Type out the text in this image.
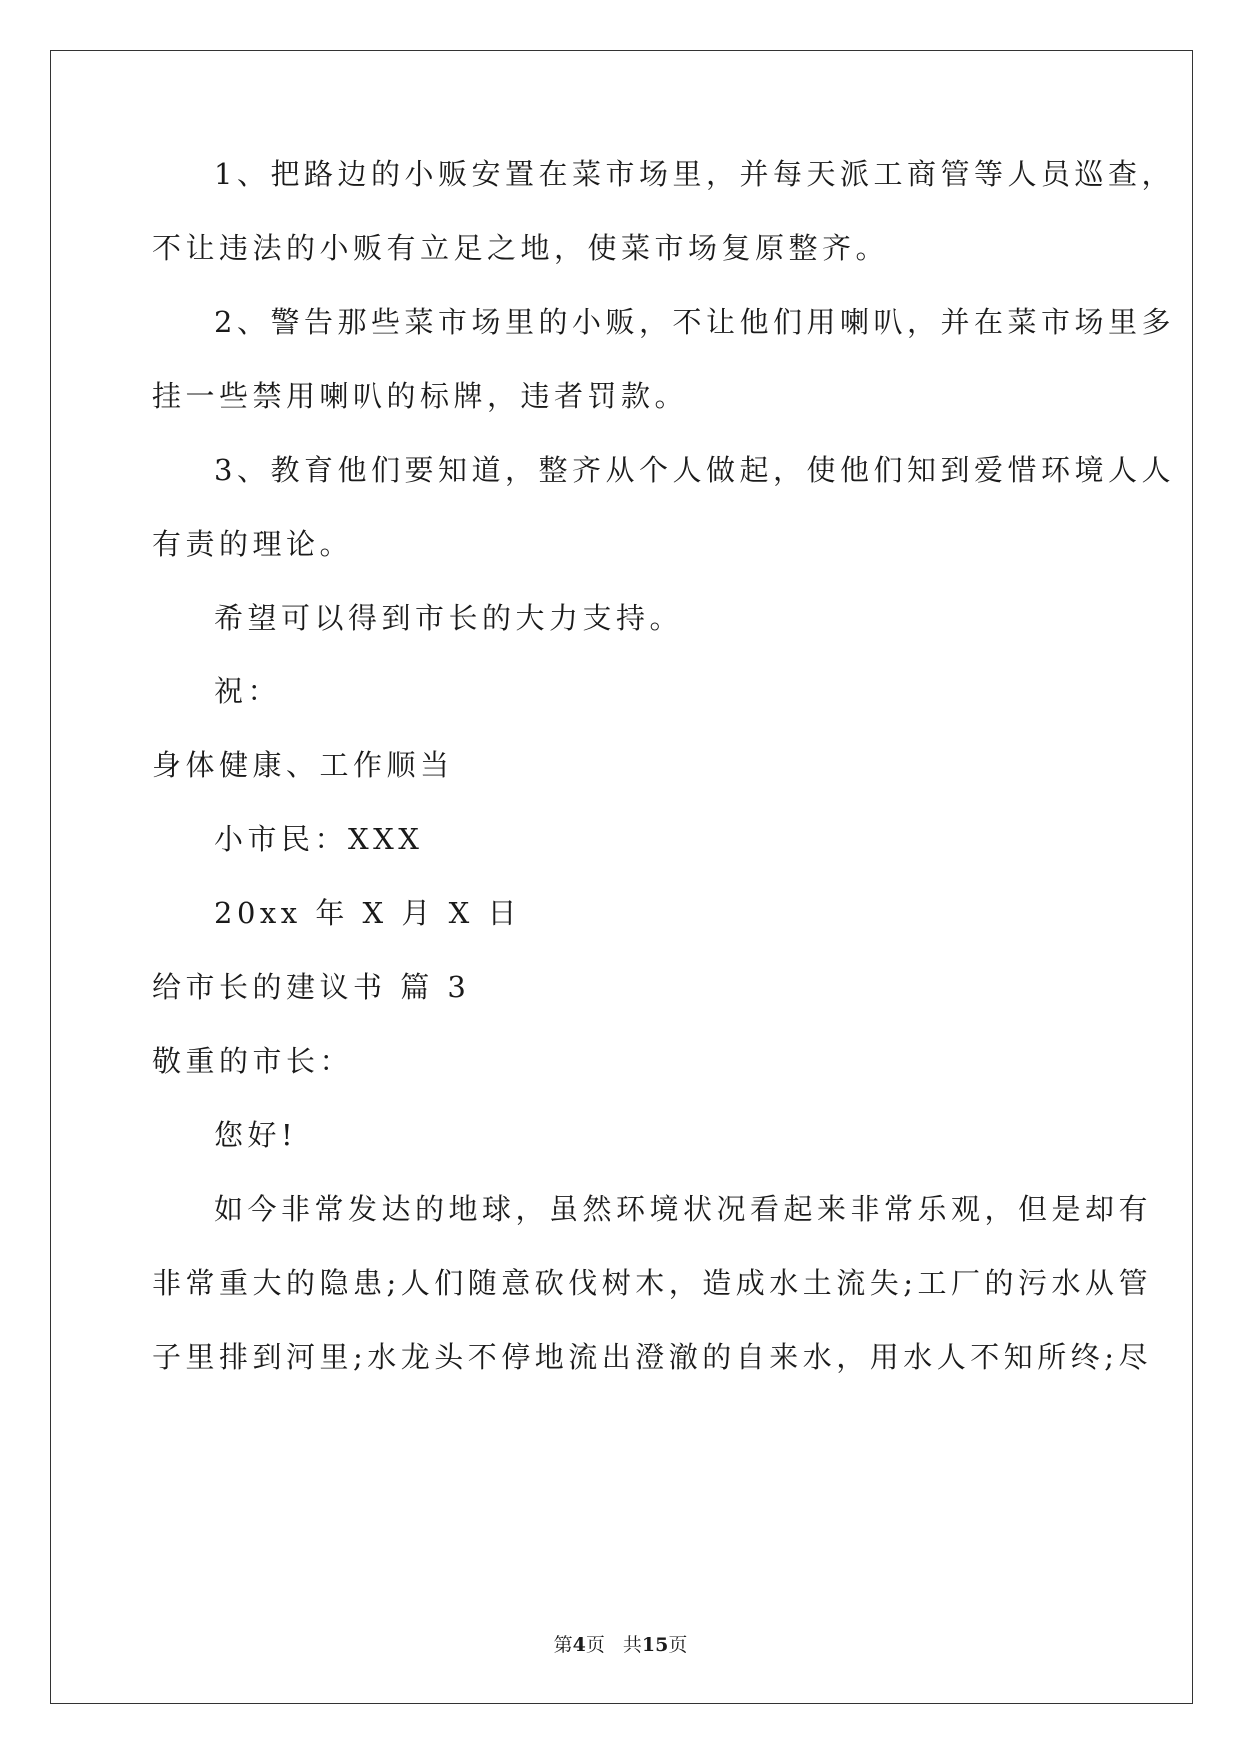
1、把路边的小贩安置在菜市场里，并每天派工商管等人员巡查，
不让违法的小贩有立足之地，使菜市场复原整齐。
2、警告那些菜市场里的小贩，不让他们用喇叭，并在菜市场里多
挂一些禁用喇叭的标牌，违者罚款。
3、教育他们要知道，整齐从个人做起，使他们知到爱惜环境人人
有责的理论。
希望可以得到市长的大力支持。
祝：
身体健康、工作顺当
小市民：XXX
20xx 年 X 月 X 日
给市长的建议书 篇 3
敬重的市长：
您好!
如今非常发达的地球，虽然环境状况看起来非常乐观，但是却有
非常重大的隐患;人们随意砍伐树木，造成水土流失;工厂的污水从管
子里排到河里;水龙头不停地流出澄澈的自来水，用水人不知所终;尽
第4页 共15页
